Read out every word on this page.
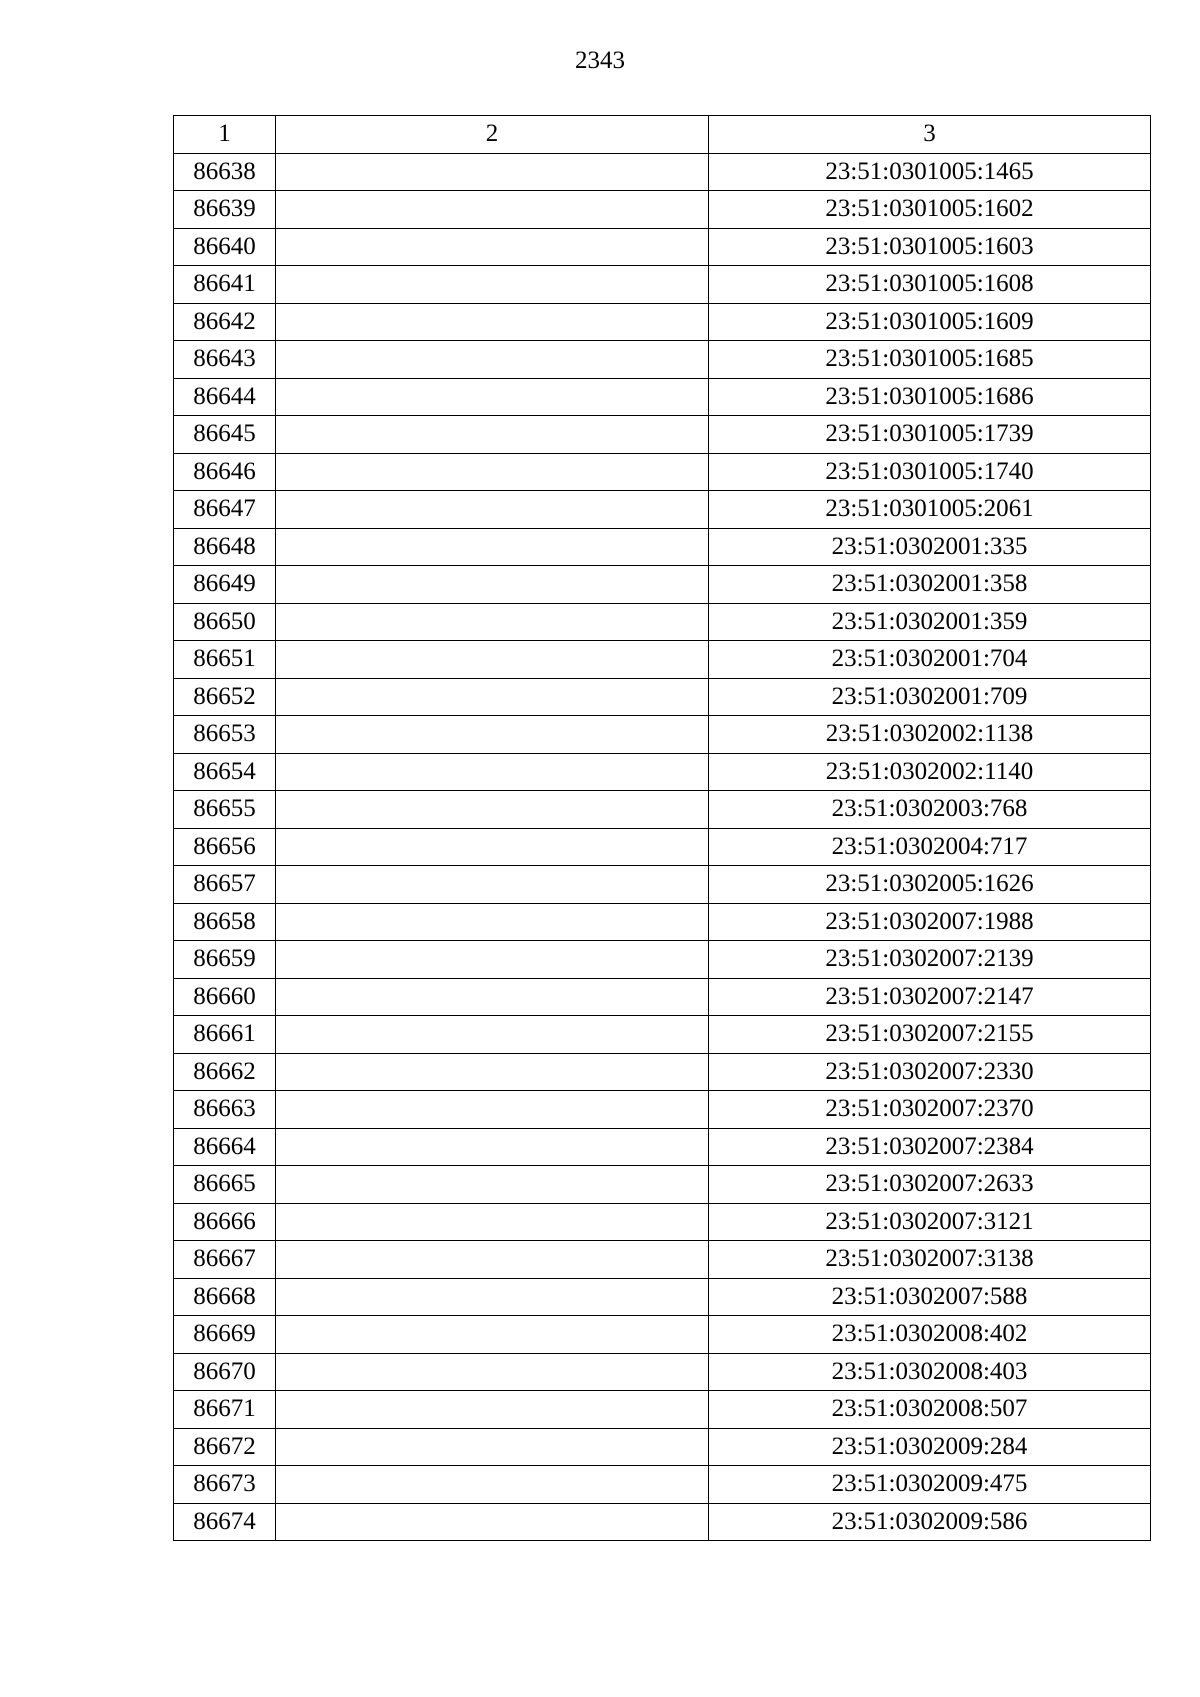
2343
1	2	3
86638		23:51:0301005:1465
86639		23:51:0301005:1602
86640		23:51:0301005:1603
86641		23:51:0301005:1608
86642		23:51:0301005:1609
86643		23:51:0301005:1685
86644		23:51:0301005:1686
86645		23:51:0301005:1739
86646		23:51:0301005:1740
86647		23:51:0301005:2061
86648		23:51:0302001:335
86649		23:51:0302001:358
86650		23:51:0302001:359
86651		23:51:0302001:704
86652		23:51:0302001:709
86653		23:51:0302002:1138
86654		23:51:0302002:1140
86655		23:51:0302003:768
86656		23:51:0302004:717
86657		23:51:0302005:1626
86658		23:51:0302007:1988
86659		23:51:0302007:2139
86660		23:51:0302007:2147
86661		23:51:0302007:2155
86662		23:51:0302007:2330
86663		23:51:0302007:2370
86664		23:51:0302007:2384
86665		23:51:0302007:2633
86666		23:51:0302007:3121
86667		23:51:0302007:3138
86668		23:51:0302007:588
86669		23:51:0302008:402
86670		23:51:0302008:403
86671		23:51:0302008:507
86672		23:51:0302009:284
86673		23:51:0302009:475
86674		23:51:0302009:586
